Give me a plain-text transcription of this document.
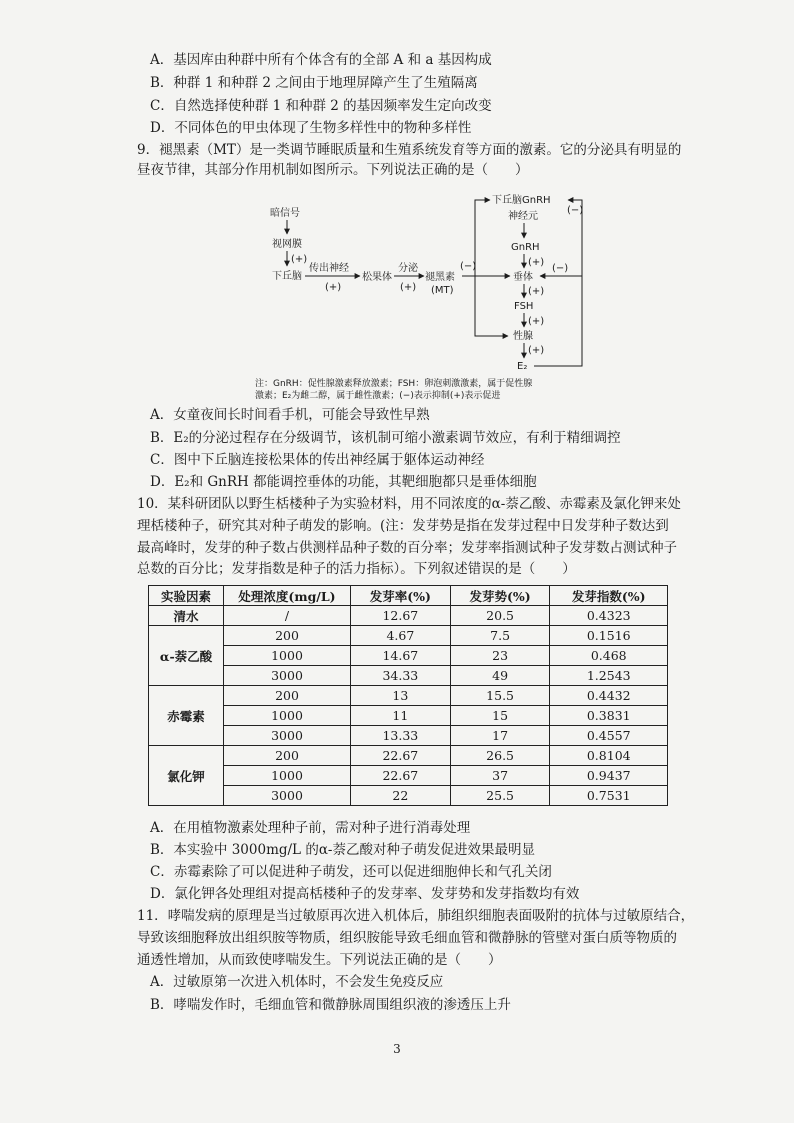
A．基因库由种群中所有个体含有的全部 A 和 a 基因构成
B．种群 1 和种群 2 之间由于地理屏障产生了生殖隔离
C．自然选择使种群 1 和种群 2 的基因频率发生定向改变
D．不同体色的甲虫体现了生物多样性中的物种多样性
9．褪黑素（MT）是一类调节睡眠质量和生殖系统发育等方面的激素。它的分泌具有明显的
昼夜节律，其部分作用机制如图所示。下列说法正确的是（　　）
暗信号
视网膜
(+)
下丘脑
传出神经
(+)
松果体
分泌
(+)
褪黑素
(MT)
(−)
下丘脑GnRH
神经元
GnRH
(+)
垂体
(+)
FSH
(+)
性腺
(+)
E₂
(−)
(−)
注：GnRH：促性腺激素释放激素；FSH：卵泡刺激激素，属于促性腺
激素；E₂为雌二醇，属于雌性激素；(−)表示抑制(+)表示促进
A．女童夜间长时间看手机，可能会导致性早熟
B．E₂的分泌过程存在分级调节，该机制可缩小激素调节效应，有利于精细调控
C．图中下丘脑连接松果体的传出神经属于躯体运动神经
D．E₂和 GnRH 都能调控垂体的功能，其靶细胞都只是垂体细胞
10．某科研团队以野生栝楼种子为实验材料，用不同浓度的α-萘乙酸、赤霉素及氯化钾来处
理栝楼种子，研究其对种子萌发的影响。(注：发芽势是指在发芽过程中日发芽种子数达到
最高峰时，发芽的种子数占供测样品种子数的百分率；发芽率指测试种子发芽数占测试种子
总数的百分比；发芽指数是种子的活力指标）。下列叙述错误的是（　　）
实验因素	处理浓度(mg/L)	发芽率(%)	发芽势(%)	发芽指数(%)
清水	/	12.67	20.5	0.4323
α-萘乙酸	200	4.67	7.5	0.1516
	1000	14.67	23	0.468
	3000	34.33	49	1.2543
赤霉素	200	13	15.5	0.4432
	1000	11	15	0.3831
	3000	13.33	17	0.4557
氯化钾	200	22.67	26.5	0.8104
	1000	22.67	37	0.9437
	3000	22	25.5	0.7531
A．在用植物激素处理种子前，需对种子进行消毒处理
B．本实验中 3000mg/L 的α-萘乙酸对种子萌发促进效果最明显
C．赤霉素除了可以促进种子萌发，还可以促进细胞伸长和气孔关闭
D．氯化钾各处理组对提高栝楼种子的发芽率、发芽势和发芽指数均有效
11．哮喘发病的原理是当过敏原再次进入机体后，肺组织细胞表面吸附的抗体与过敏原结合，
导致该细胞释放出组织胺等物质，组织胺能导致毛细血管和微静脉的管壁对蛋白质等物质的
通透性增加，从而致使哮喘发生。下列说法正确的是（　　）
A．过敏原第一次进入机体时，不会发生免疫反应
B．哮喘发作时，毛细血管和微静脉周围组织液的渗透压上升
3
